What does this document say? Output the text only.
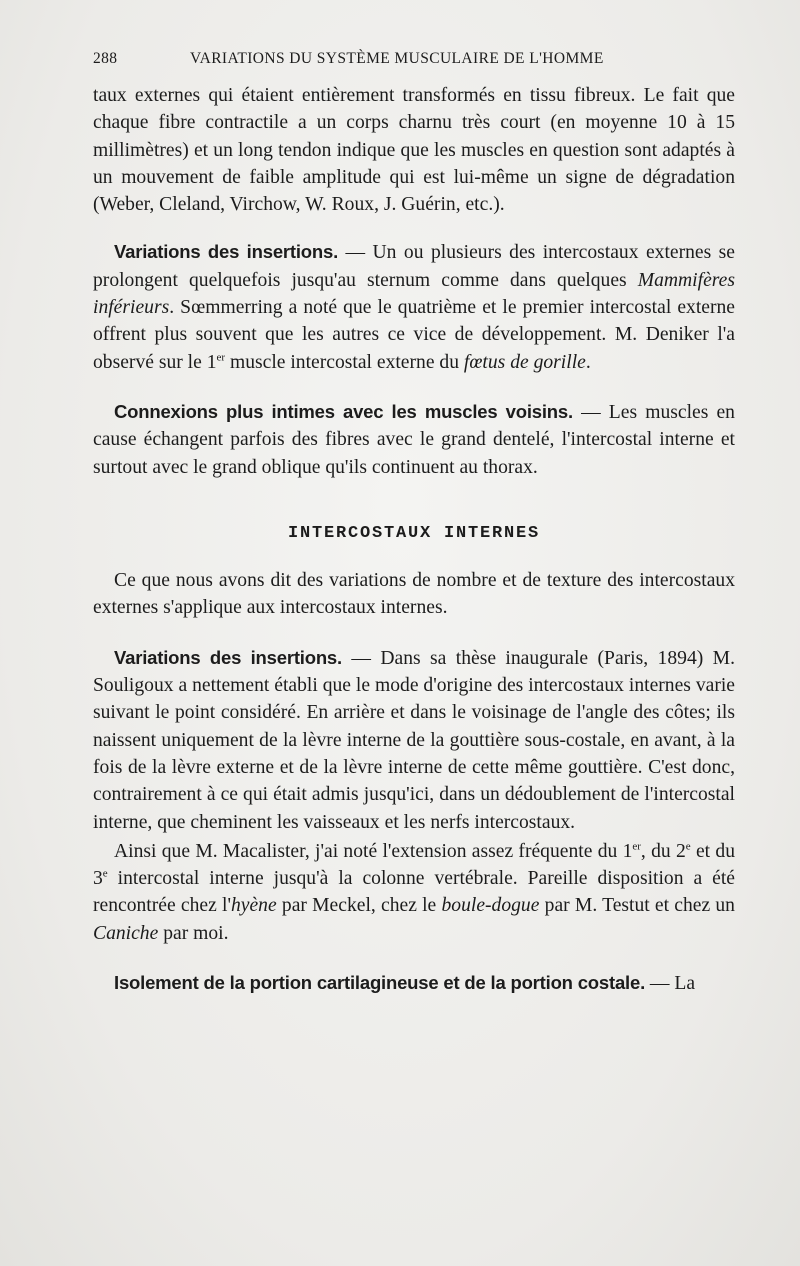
288	VARIATIONS DU SYSTÈME MUSCULAIRE DE L'HOMME

taux externes qui étaient entièrement transformés en tissu fibreux. Le fait que chaque fibre contractile a un corps charnu très court (en moyenne 10 à 15 millimètres) et un long tendon indique que les muscles en question sont adaptés à un mouvement de faible amplitude qui est lui-même un signe de dégradation (Weber, Cleland, Virchow, W. Roux, J. Guérin, etc.).

Variations des insertions. — Un ou plusieurs des intercostaux externes se prolongent quelquefois jusqu'au sternum comme dans quelques Mammifères inférieurs. Sœmmerring a noté que le quatrième et le premier intercostal externe offrent plus souvent que les autres ce vice de développement. M. Deniker l'a observé sur le 1er muscle intercostal externe du fœtus de gorille.

Connexions plus intimes avec les muscles voisins. — Les muscles en cause échangent parfois des fibres avec le grand dentelé, l'intercostal interne et surtout avec le grand oblique qu'ils continuent au thorax.

INTERCOSTAUX INTERNES

Ce que nous avons dit des variations de nombre et de texture des intercostaux externes s'applique aux intercostaux internes.

Variations des insertions. — Dans sa thèse inaugurale (Paris, 1894) M. Souligoux a nettement établi que le mode d'origine des intercostaux internes varie suivant le point considéré. En arrière et dans le voisinage de l'angle des côtes; ils naissent uniquement de la lèvre interne de la gouttière sous-costale, en avant, à la fois de la lèvre externe et de la lèvre interne de cette même gouttière. C'est donc, contrairement à ce qui était admis jusqu'ici, dans un dédoublement de l'intercostal interne, que cheminent les vaisseaux et les nerfs intercostaux.

Ainsi que M. Macalister, j'ai noté l'extension assez fréquente du 1er, du 2e et du 3e intercostal interne jusqu'à la colonne vertébrale. Pareille disposition a été rencontrée chez l'hyène par Meckel, chez le boule-dogue par M. Testut et chez un Caniche par moi.

Isolement de la portion cartilagineuse et de la portion costale. — La
